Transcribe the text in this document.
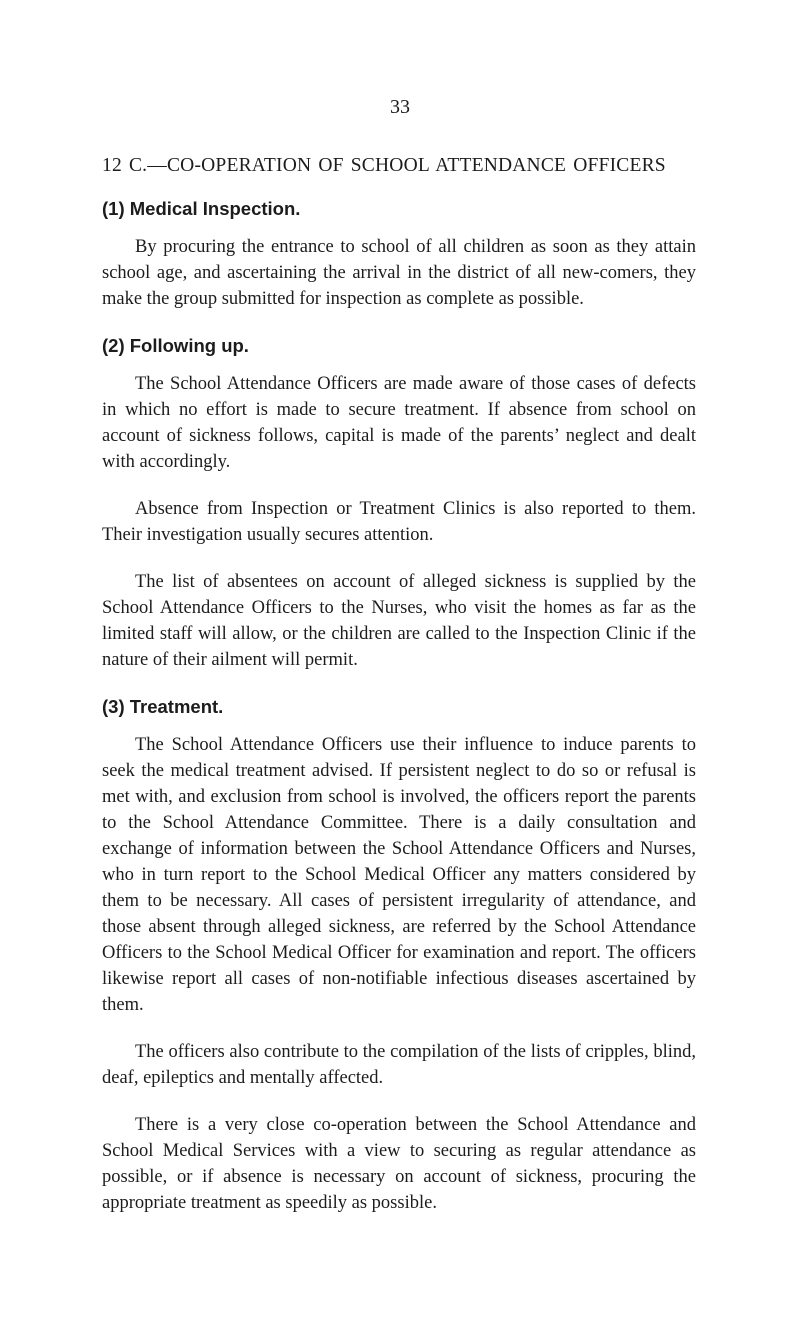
33
12 C.—CO-OPERATION OF SCHOOL ATTENDANCE OFFICERS
(1) Medical Inspection.

By procuring the entrance to school of all children as soon as they attain school age, and ascertaining the arrival in the district of all new-comers, they make the group submitted for inspection as complete as possible.

(2) Following up.

The School Attendance Officers are made aware of those cases of defects in which no effort is made to secure treatment. If absence from school on account of sickness follows, capital is made of the parents’ neglect and dealt with accordingly.

Absence from Inspection or Treatment Clinics is also reported to them. Their investigation usually secures attention.

The list of absentees on account of alleged sickness is supplied by the School Attendance Officers to the Nurses, who visit the homes as far as the limited staff will allow, or the children are called to the Inspection Clinic if the nature of their ailment will permit.

(3) Treatment.

The School Attendance Officers use their influence to induce parents to seek the medical treatment advised. If persistent neglect to do so or refusal is met with, and exclusion from school is involved, the officers report the parents to the School Attendance Committee. There is a daily consultation and exchange of information between the School Attendance Officers and Nurses, who in turn report to the School Medical Officer any matters considered by them to be necessary. All cases of persistent irregularity of attendance, and those absent through alleged sickness, are referred by the School Attendance Officers to the School Medical Officer for examination and report. The officers likewise report all cases of non-notifiable infectious diseases ascertained by them.

The officers also contribute to the compilation of the lists of cripples, blind, deaf, epileptics and mentally affected.

There is a very close co-operation between the School Attendance and School Medical Services with a view to securing as regular attendance as possible, or if absence is necessary on account of sickness, procuring the appropriate treatment as speedily as possible.
